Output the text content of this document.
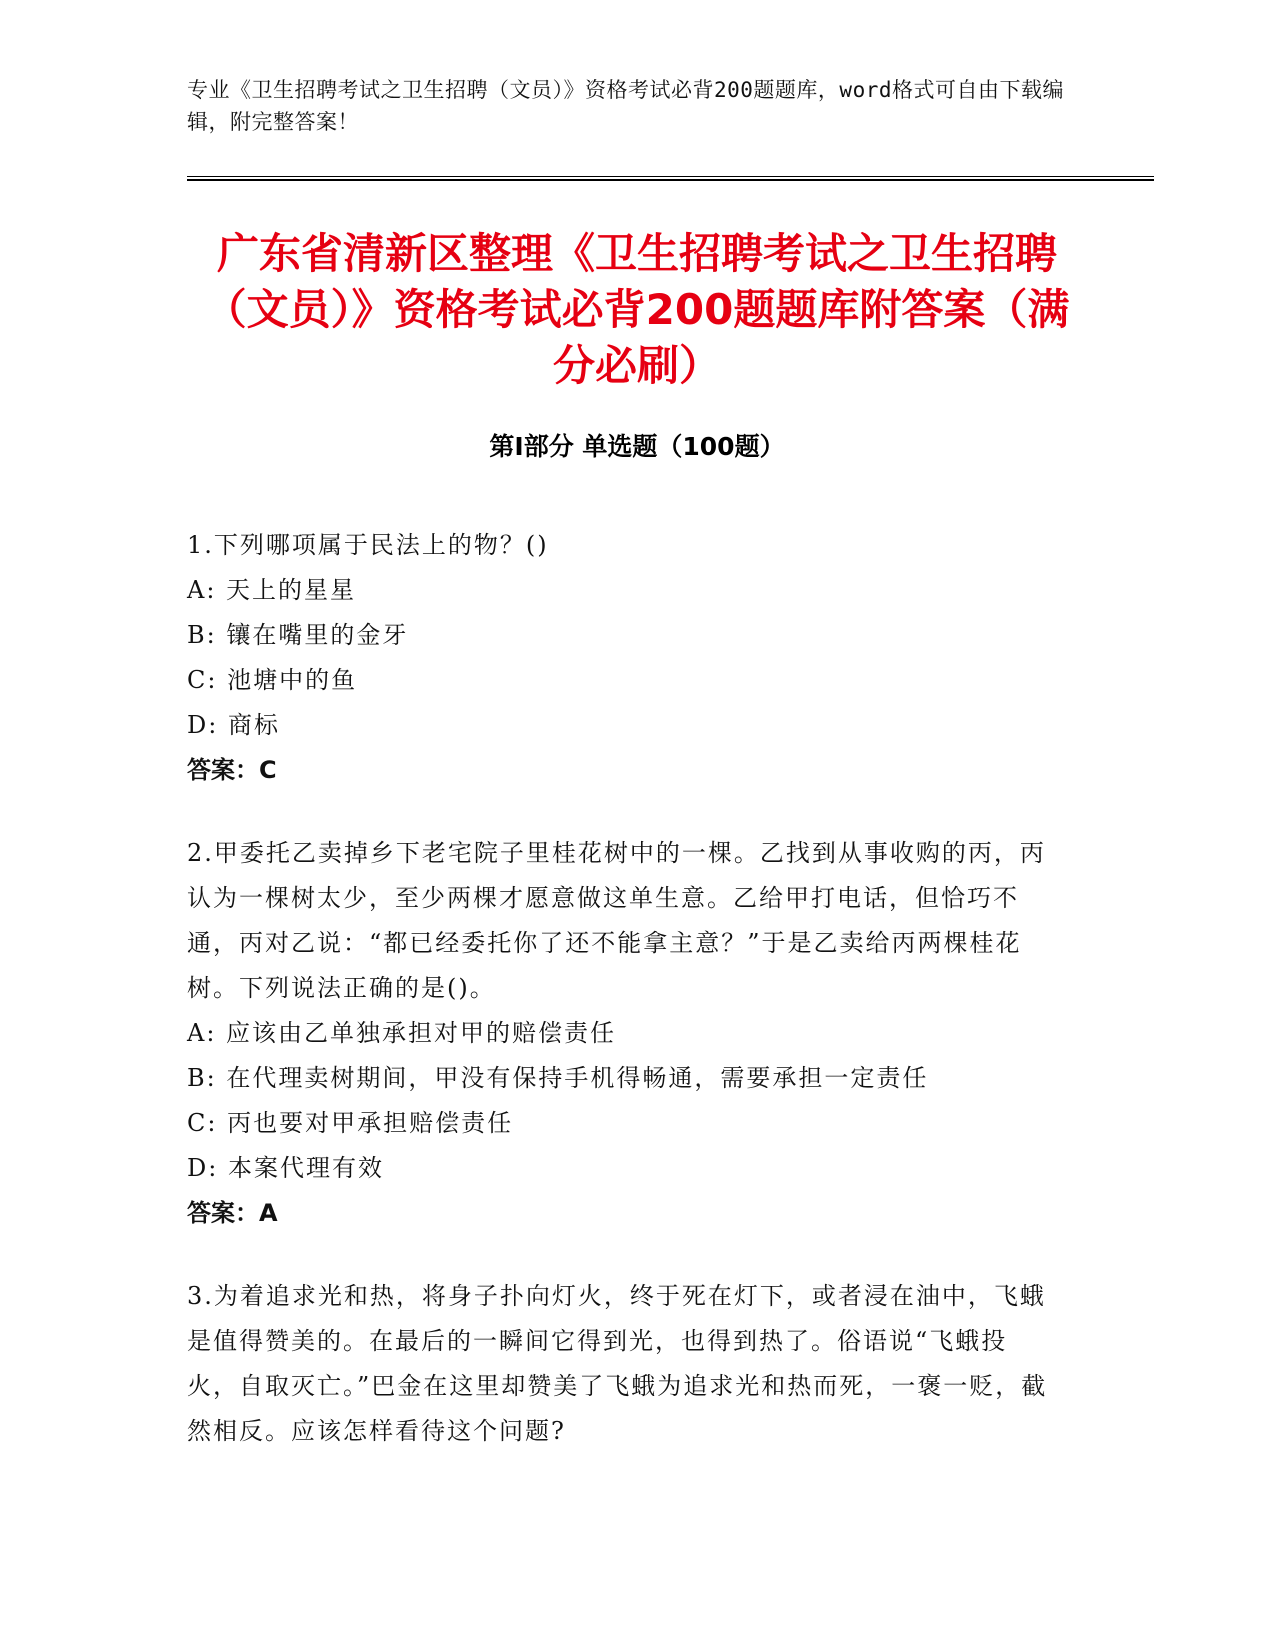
专业《卫生招聘考试之卫生招聘（文员）》资格考试必背200题题库，word格式可自由下载编辑，附完整答案！
广东省清新区整理《卫生招聘考试之卫生招聘（文员）》资格考试必背200题题库附答案（满分必刷）
第I部分 单选题（100题）
1.下列哪项属于民法上的物？()
A: 天上的星星
B: 镶在嘴里的金牙
C: 池塘中的鱼
D: 商标
答案：C
2.甲委托乙卖掉乡下老宅院子里桂花树中的一棵。乙找到从事收购的丙，丙认为一棵树太少，至少两棵才愿意做这单生意。乙给甲打电话，但恰巧不通，丙对乙说：“都已经委托你了还不能拿主意？”于是乙卖给丙两棵桂花树。下列说法正确的是()。
A: 应该由乙单独承担对甲的赔偿责任
B: 在代理卖树期间，甲没有保持手机得畅通，需要承担一定责任
C: 丙也要对甲承担赔偿责任
D: 本案代理有效
答案：A
3.为着追求光和热，将身子扑向灯火，终于死在灯下，或者浸在油中，飞蛾是值得赞美的。在最后的一瞬间它得到光，也得到热了。俗语说“飞蛾投火，自取灭亡。”巴金在这里却赞美了飞蛾为追求光和热而死，一褒一贬，截然相反。应该怎样看待这个问题?
